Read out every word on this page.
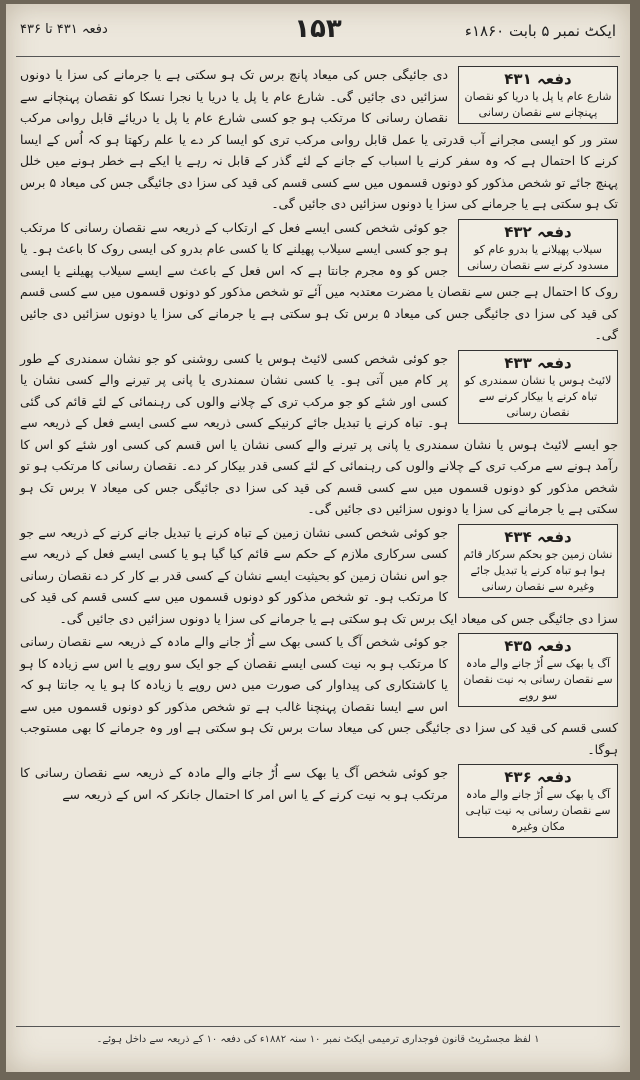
ایکٹ نمبر ۵ بابت ۱۸۶۰ء
۱۵۳
دفعہ ۴۳۱ تا ۴۳۶
دفعہ ۴۳۱
شارع عام یا پل یا دریا کو نقصان پہنچانے سے نقصان رسانی
دی جائیگی جس کی میعاد پانچ برس تک ہو سکتی ہے یا جرمانے کی سزا یا دونوں سزائیں دی جائیں گی۔ شارع عام یا پل یا دریا یا نجرا نسکا کو نقصان پہنچانے سے نقصان رسانی کا مرتکب ہو جو کسی شارع عام یا پل یا دریائے قابل رواںی مرکب ستر ور کو ایسی مجرانے آب قدرتی یا عمل قابل رواںی مرکب تری کو ایسا کر دے یا علم رکھتا ہو کہ اُس کے ایسا کرنے کا احتمال ہے کہ وہ سفر کرنے یا اسباب کے جانے کے لئے گذر کے قابل نہ رہے یا ایکے ہے خطر ہونے میں خلل پہنچ جائے تو شخص مذکور کو دونوں قسموں میں سے کسی قسم کی قید کی سزا دی جائیگی جس کی میعاد ۵ برس تک ہو سکتی ہے یا جرمانے کی سزا یا دونوں سزائیں دی جائیں گی۔
دفعہ ۴۳۲
سیلاب پھیلانے یا بدرو عام کو مسدود کرنے سے نقصان رسانی
جو کوئی شخص کسی ایسے فعل کے ارتکاب کے ذریعہ سے نقصان رسانی کا مرتکب ہو جو کسی ایسے سیلاب پھیلنے کا یا کسی عام بدرو کی ایسی روک کا باعث ہو۔ یا جس کو وہ مجرم جانتا ہے کہ اس فعل کے باعث سے ایسے سیلاب پھیلنے یا ایسی روک کا احتمال ہے جس سے نقصان یا مضرت معتدبہ میں آئے تو شخص مذکور کو دونوں قسموں میں سے کسی قسم کی قید کی سزا دی جائیگی جس کی میعاد ۵ برس تک ہو سکتی ہے یا جرمانے کی سزا یا دونوں سزائیں دی جائیں گی۔
دفعہ ۴۳۳
لائیٹ ہوس یا نشان سمندری کو تباہ کرنے یا بیکار کرنے سے نقصان رسانی
جو کوئی شخص کسی لائیٹ ہوس یا کسی روشنی کو جو نشان سمندری کے طور پر کام میں آتی ہو۔ یا کسی نشان سمندری یا پانی پر تیرنے والے کسی نشان یا کسی اور شئے کو جو مرکب تری کے چلانے والوں کی رہنمائی کے لئے قائم کی گئی ہو۔ تباہ کرنے یا تبدیل جائے کرنیکے کسی ذریعہ سے کسی ایسے فعل کے ذریعہ سے جو ایسے لائیٹ ہوس یا نشان سمندری یا پانی پر تیرنے والے کسی نشان یا اس قسم کی کسی اور شئے کو اس کا رآمد ہونے سے مرکب تری کے چلانے والوں کی رہنمائی کے لئے کسی قدر بیکار کر دے۔ نقصان رسانی کا مرتکب ہو تو شخص مذکور کو دونوں قسموں میں سے کسی قسم کی قید کی سزا دی جائیگی جس کی میعاد ۷ برس تک ہو سکتی ہے یا جرمانے کی سزا یا دونوں سزائیں دی جائیں گی۔
دفعہ ۴۳۴
نشان زمین جو بحکم سرکار قائم ہوا ہو تباہ کرنے یا تبدیل جائے وغیرہ سے نقصان رسانی
جو کوئی شخص کسی نشان زمین کے تباہ کرنے یا تبدیل جانے کرنے کے ذریعہ سے جو کسی سرکاری ملازم کے حکم سے قائم کیا گیا ہو یا کسی ایسے فعل کے ذریعہ سے جو اس نشان زمین کو بحیثیت ایسے نشان کے کسی قدر بے کار کر دے نقصان رسانی کا مرتکب ہو۔ تو شخص مذکور کو دونوں قسموں میں سے کسی قسم کی قید کی سزا دی جائیگی جس کی میعاد ایک برس تک ہو سکتی ہے یا جرمانے کی سزا یا دونوں سزائیں دی جائیں گی۔
دفعہ ۴۳۵
آگ یا بھک سے اُڑ جانے والے مادہ سے نقصان رسانی بہ نیت نقصان سو روپے
جو کوئی شخص آگ یا کسی بھک سے اُڑ جانے والے مادہ کے ذریعہ سے نقصان رسانی کا مرتکب ہو بہ نیت کسی ایسے نقصان کے جو ایک سو روپے یا اس سے زیادہ کا ہو یا کاشتکاری کی پیداوار کی صورت میں دس روپے یا زیادہ کا ہو یا یہ جانتا ہو کہ اس سے ایسا نقصان پہنچنا غالب ہے تو شخص مذکور کو دونوں قسموں میں سے کسی قسم کی قید کی سزا دی جائیگی جس کی میعاد سات برس تک ہو سکتی ہے اور وہ جرمانے کا بھی مستوجب ہوگا۔
دفعہ ۴۳۶
آگ یا بھک سے اُڑ جانے والے مادہ سے نقصان رسانی بہ نیت تباہی مکان وغیرہ
جو کوئی شخص آگ یا بھک سے اُڑ جانے والے مادہ کے ذریعہ سے نقصان رسانی کا مرتکب ہو بہ نیت کرنے کے یا اس امر کا احتمال جانکر کہ اس کے ذریعہ سے
۱ لفظ مجسٹریٹ قانون فوجداری ترمیمی ایکٹ نمبر ۱۰ سنہ ۱۸۸۲ء کی دفعہ ۱۰ کے ذریعہ سے داخل ہوئے۔
